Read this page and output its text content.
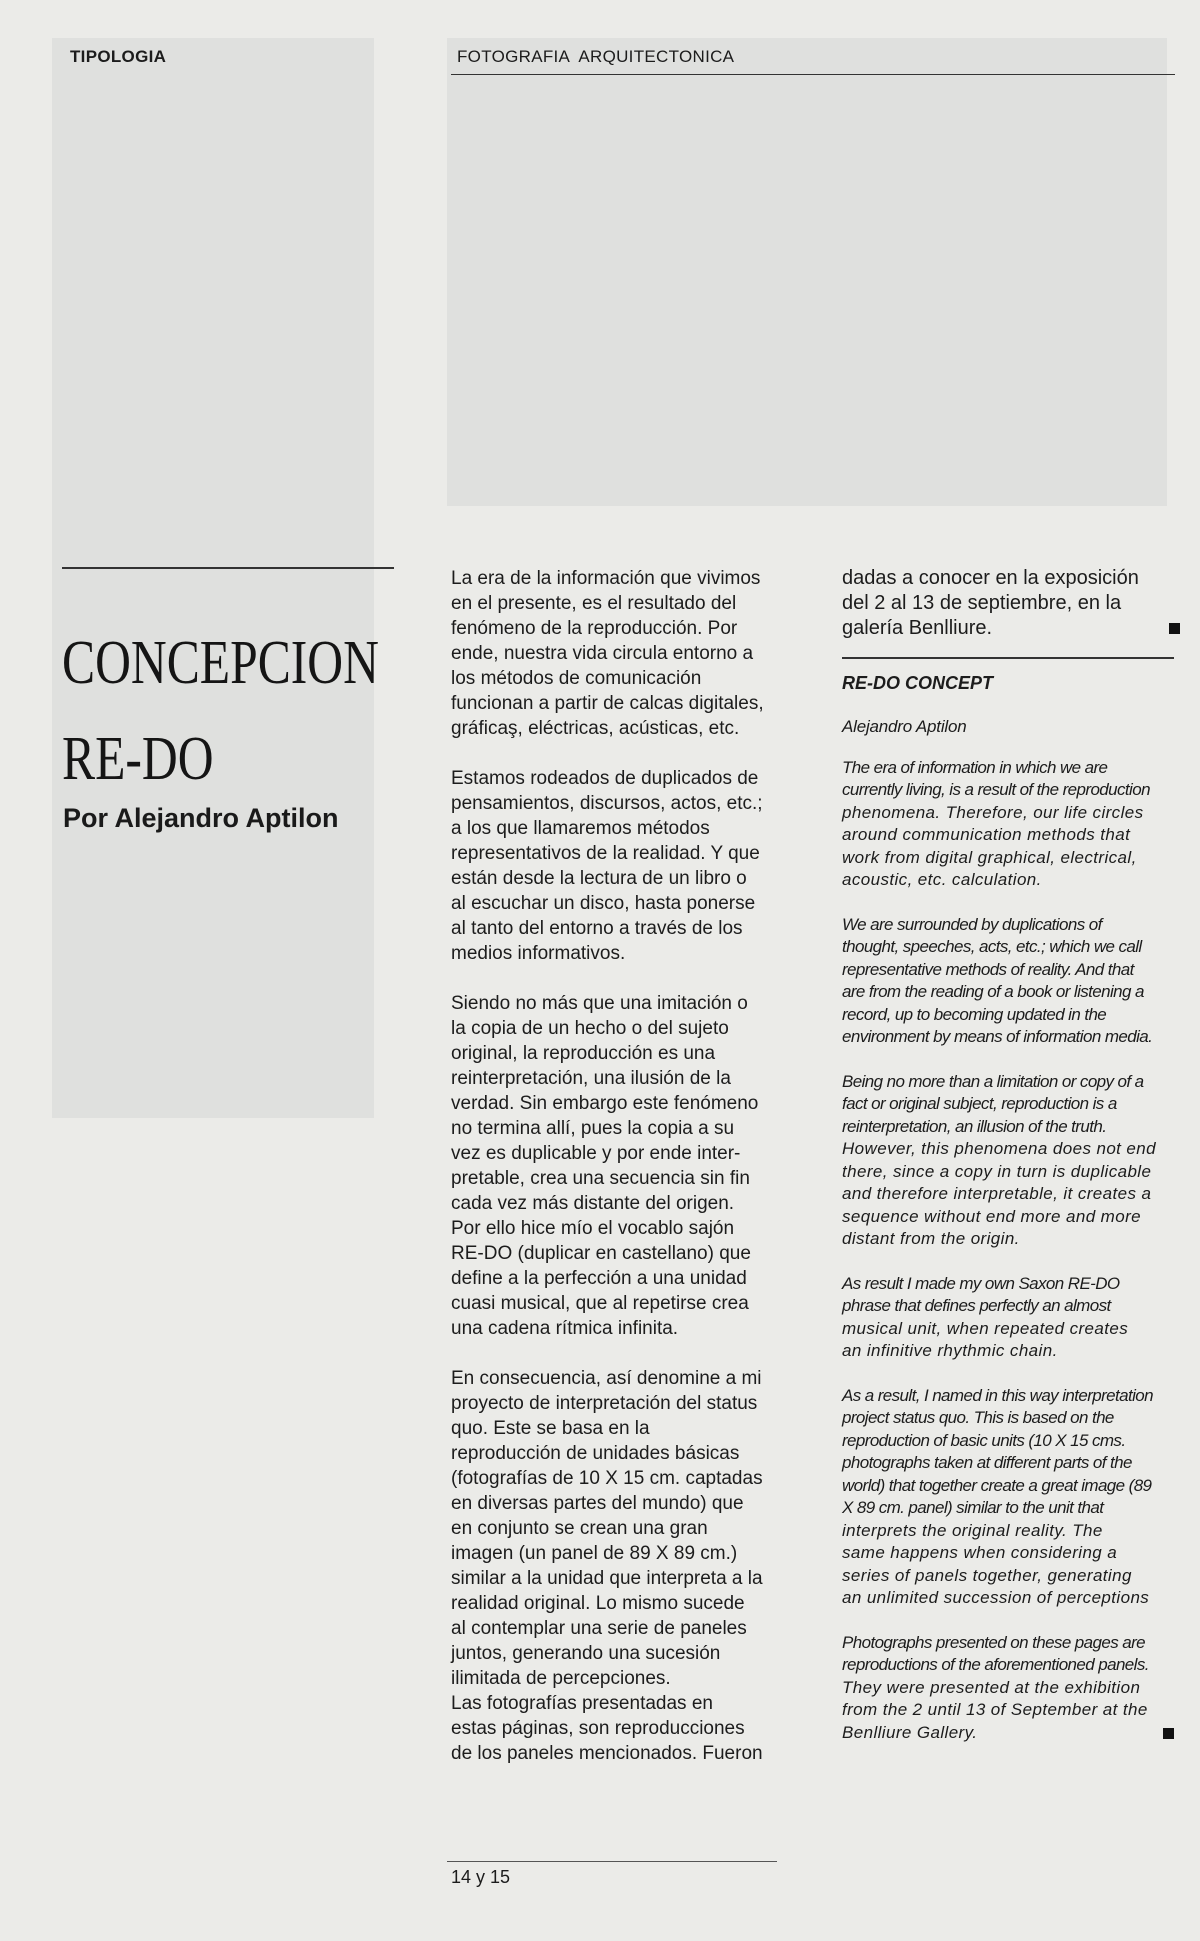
TIPOLOGIA	FOTOGRAFIA  ARQUITECTONICA
CONCEPCION
RE-DO
Por Alejandro Aptilon

La era de la información que vivimos
en el presente, es el resultado del
fenómeno de la reproducción. Por
ende, nuestra vida circula entorno a
los métodos de comunicación
funcionan a partir de calcas digitales,
gráficaş, eléctricas, acústicas, etc.

Estamos rodeados de duplicados de
pensamientos, discursos, actos, etc.;
a los que llamaremos métodos
representativos de la realidad. Y que
están desde la lectura de un libro o
al escuchar un disco, hasta ponerse
al tanto del entorno a través de los
medios informativos.

Siendo no más que una imitación o
la copia de un hecho o del sujeto
original, la reproducción es una
reinterpretación, una ilusión de la
verdad. Sin embargo este fenómeno
no termina allí, pues la copia a su
vez es duplicable y por ende inter-
pretable, crea una secuencia sin fin
cada vez más distante del origen.
Por ello hice mío el vocablo sajón
RE-DO (duplicar en castellano) que
define a la perfección a una unidad
cuasi musical, que al repetirse crea
una cadena rítmica infinita.

En consecuencia, así denomine a mi
proyecto de interpretación del status
quo. Este se basa en la
reproducción de unidades básicas
(fotografías de 10 X 15 cm. captadas
en diversas partes del mundo) que
en conjunto se crean una gran
imagen (un panel de 89 X 89 cm.)
similar a la unidad que interpreta a la
realidad original. Lo mismo sucede
al contemplar una serie de paneles
juntos, generando una sucesión
ilimitada de percepciones.
Las fotografías presentadas en
estas páginas, son reproducciones
de los paneles mencionados. Fueron

dadas a conocer en la exposición
del 2 al 13 de septiembre, en la
galería Benlliure.

RE-DO CONCEPT
Alejandro Aptilon

The era of information in which we are
currently living, is a result of the reproduction

phenomena. Therefore, our life circles
around communication methods that
work from digital graphical, electrical,
acoustic, etc. calculation.

We are surrounded by duplications of
thought, speeches, acts, etc.; which we call
representative methods of reality. And that
are from the reading of a book or listening a
record, up to becoming updated in the
environment by means of information media.

Being no more than a limitation or copy of a
fact or original subject, reproduction is a
reinterpretation, an illusion of the truth.

However, this phenomena does not end
there, since a copy in turn is duplicable
and therefore interpretable, it creates a
sequence without end more and more
distant from the origin.

As result I made my own Saxon RE-DO
phrase that defines perfectly an almost

musical unit, when repeated creates
an infinitive rhythmic chain.

As a result, I named in this way interpretation
project status quo. This is based on the
reproduction of basic units (10 X 15 cms.
photographs taken at different parts of the
world) that together create a great image (89
X 89 cm. panel) similar to the unit that

interprets the original reality. The
same happens when considering a
series of panels together, generating
an unlimited succession of perceptions

Photographs presented on these pages are
reproductions of the aforementioned panels.

They were presented at the exhibition
from the 2 until 13 of September at the
Benlliure Gallery.

14 y 15
